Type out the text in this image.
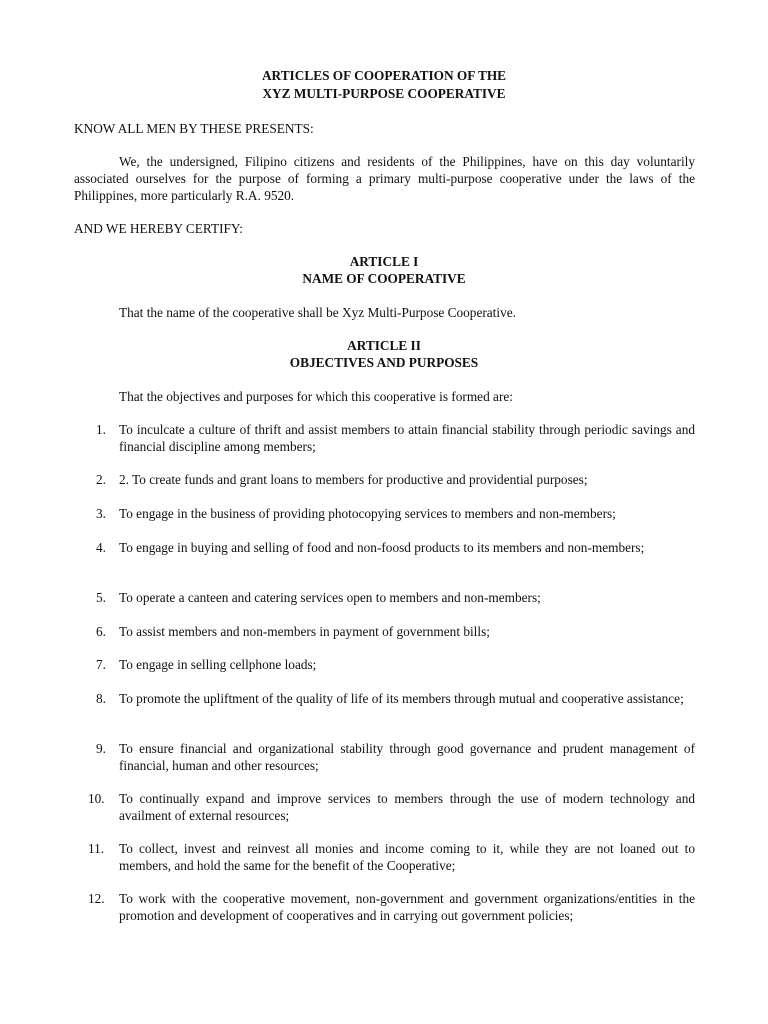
ARTICLES OF COOPERATION OF THE
XYZ MULTI-PURPOSE COOPERATIVE
KNOW ALL MEN BY THESE PRESENTS:
We, the undersigned, Filipino citizens and residents of the Philippines, have on this day voluntarily associated ourselves for the purpose of forming a primary multi-purpose cooperative under the laws of the Philippines, more particularly R.A. 9520.
AND WE HEREBY CERTIFY:
ARTICLE I
NAME OF COOPERATIVE
That the name of the cooperative shall be Xyz Multi-Purpose Cooperative.
ARTICLE II
OBJECTIVES AND PURPOSES
That the objectives and purposes for which this cooperative is formed are:
1. To inculcate a culture of thrift and assist members to attain financial stability through periodic savings and financial discipline among members;
2. 2. To create funds and grant loans to members for productive and providential purposes;
3. To engage in the business of providing photocopying services to members and non-members;
4. To engage in buying and selling of food and non-foosd products to its members and non-members;
5. To operate a canteen and catering services open to members and non-members;
6. To assist members and non-members in payment of government bills;
7. To engage in selling cellphone loads;
8. To promote the upliftment of the quality of life of its members through mutual and cooperative assistance;
9. To ensure financial and organizational stability through good governance and prudent management of financial, human and other resources;
10. To continually expand and improve services to members through the use of modern technology and availment of external resources;
11. To collect, invest and reinvest all monies and income coming to it, while they are not loaned out to members, and hold the same for the benefit of the Cooperative;
12. To work with the cooperative movement, non-government and government organizations/entities in the promotion and development of cooperatives and in carrying out government policies;
